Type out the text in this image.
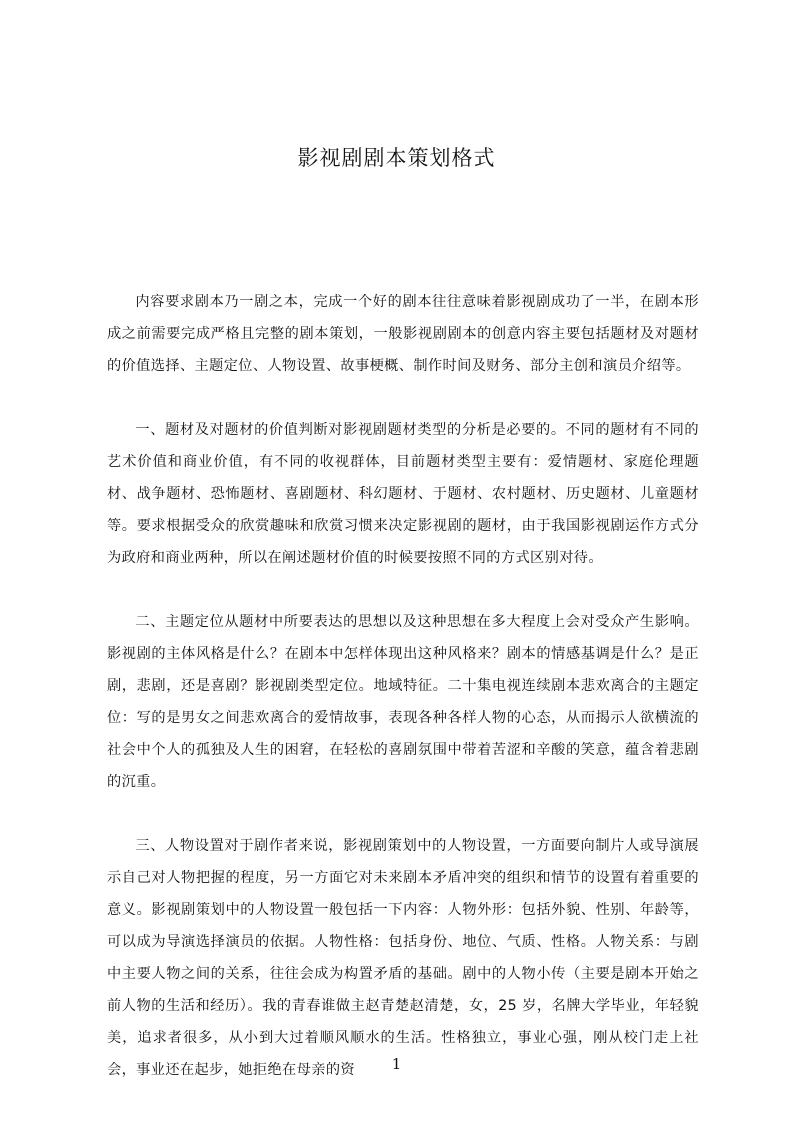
影视剧剧本策划格式

内容要求剧本乃一剧之本，完成一个好的剧本往往意味着影视剧成功了一半，在剧本形成之前需要完成严格且完整的剧本策划，一般影视剧剧本的创意内容主要包括题材及对题材的价值选择、主题定位、人物设置、故事梗概、制作时间及财务、部分主创和演员介绍等。

一、题材及对题材的价值判断对影视剧题材类型的分析是必要的。不同的题材有不同的艺术价值和商业价值，有不同的收视群体，目前题材类型主要有：爱情题材、家庭伦理题材、战争题材、恐怖题材、喜剧题材、科幻题材、于题材、农村题材、历史题材、儿童题材等。要求根据受众的欣赏趣味和欣赏习惯来决定影视剧的题材，由于我国影视剧运作方式分为政府和商业两种，所以在阐述题材价值的时候要按照不同的方式区别对待。

二、主题定位从题材中所要表达的思想以及这种思想在多大程度上会对受众产生影响。影视剧的主体风格是什么？在剧本中怎样体现出这种风格来？剧本的情感基调是什么？是正剧，悲剧，还是喜剧？影视剧类型定位。地域特征。二十集电视连续剧本悲欢离合的主题定位：写的是男女之间悲欢离合的爱情故事，表现各种各样人物的心态，从而揭示人欲横流的社会中个人的孤独及人生的困窘，在轻松的喜剧氛围中带着苦涩和辛酸的笑意，蕴含着悲剧的沉重。

三、人物设置对于剧作者来说，影视剧策划中的人物设置，一方面要向制片人或导演展示自己对人物把握的程度，另一方面它对未来剧本矛盾冲突的组织和情节的设置有着重要的意义。影视剧策划中的人物设置一般包括一下内容：人物外形：包括外貌、性别、年龄等，可以成为导演选择演员的依据。人物性格：包括身份、地位、气质、性格。人物关系：与剧中主要人物之间的关系，往往会成为构置矛盾的基础。剧中的人物小传（主要是剧本开始之前人物的生活和经历）。我的青春谁做主赵青楚赵清楚，女，25 岁，名牌大学毕业，年轻貌美，追求者很多，从小到大过着顺风顺水的生活。性格独立，事业心强，刚从校门走上社会，事业还在起步，她拒绝在母亲的资	1
